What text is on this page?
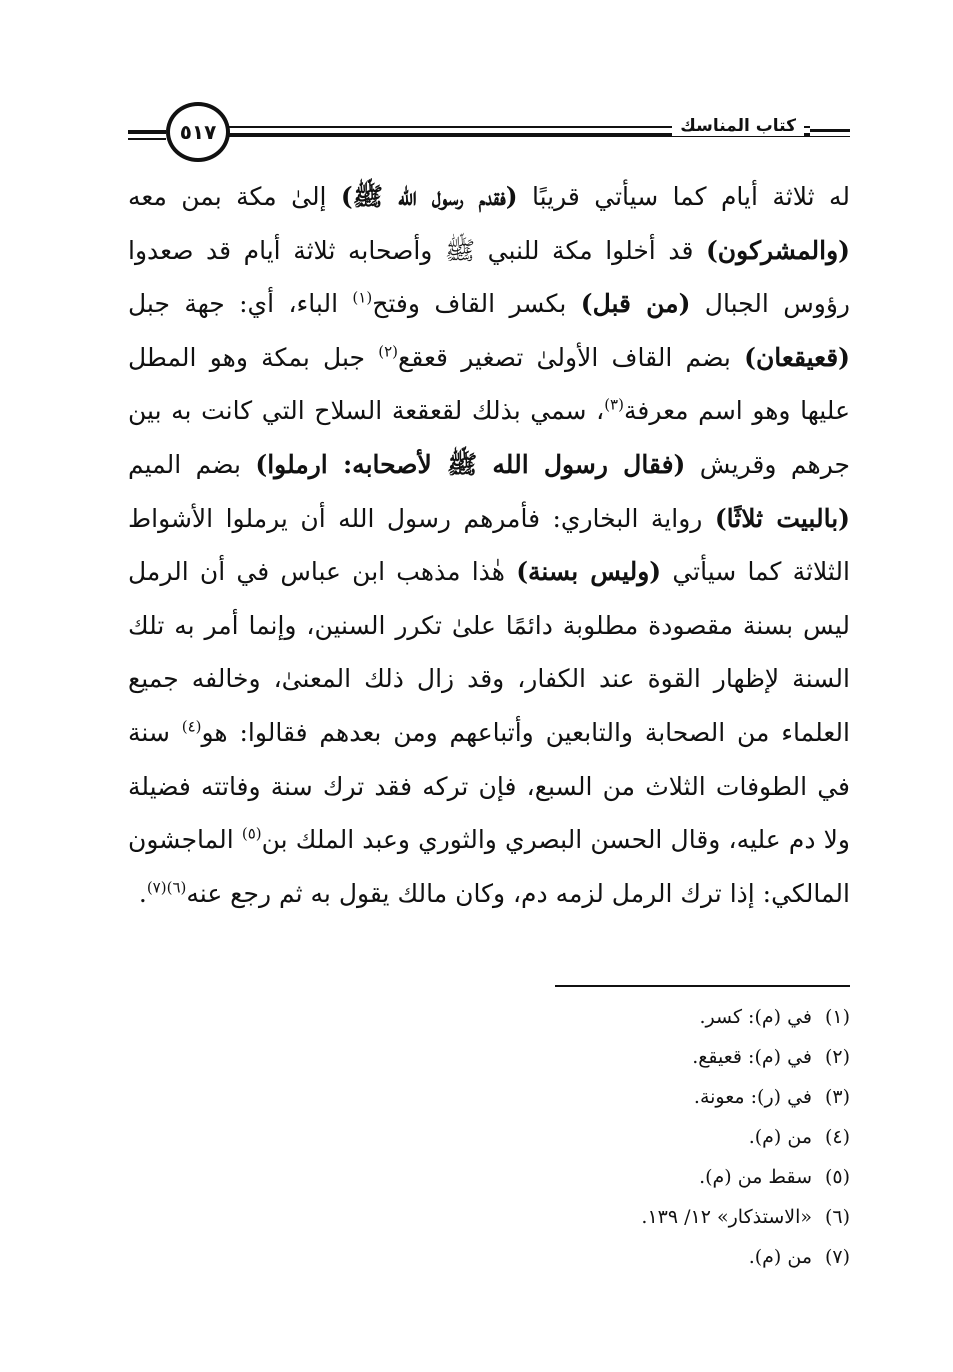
٥١٧	كتاب المناسك

له ثلاثة أيام كما سيأتي قريبًا (فقدم رسول الله ﷺ) إلىٰ مكة بمن معه (والمشركون) قد أخلوا مكة للنبي ﷺ وأصحابه ثلاثة أيام قد صعدوا رؤوس الجبال (من قبل) بكسر القاف وفتح$^{(١)}$ الباء، أي: جهة جبل (قعيقعان) بضم القاف الأولىٰ تصغير قعقع$^{(٢)}$ جبل بمكة وهو المطل عليها وهو اسم معرفة$^{(٣)}$، سمي بذلك لقعقعة السلاح التي كانت به بين جرهم وقريش (فقال رسول الله ﷺ لأصحابه: ارملوا) بضم الميم (بالبيت ثلاثًا) رواية البخاري: فأمرهم رسول الله أن يرملوا الأشواط الثلاثة كما سيأتي (وليس بسنة) هٰذا مذهب ابن عباس في أن الرمل ليس بسنة مقصودة مطلوبة دائمًا علىٰ تكرر السنين، وإنما أمر به تلك السنة لإظهار القوة عند الكفار، وقد زال ذلك المعنىٰ، وخالفه جميع العلماء من الصحابة والتابعين وأتباعهم ومن بعدهم فقالوا: هو$^{(٤)}$ سنة في الطوفات الثلاث من السبع، فإن تركه فقد ترك سنة وفاتته فضيلة ولا دم عليه، وقال الحسن البصري والثوري وعبد الملك بن$^{(٥)}$ الماجشون المالكي: إذا ترك الرمل لزمه دم، وكان مالك يقول به ثم رجع عنه$^{(٦)(٧)}$.

(١)في (م): كسر.
(٢)في (م): قعيقع.
(٣)في (ر): معونة.
(٤)من (م).
(٥)سقط من (م).
(٦)«الاستذكار» ١٢/ ١٣٩.
(٧)من (م).
